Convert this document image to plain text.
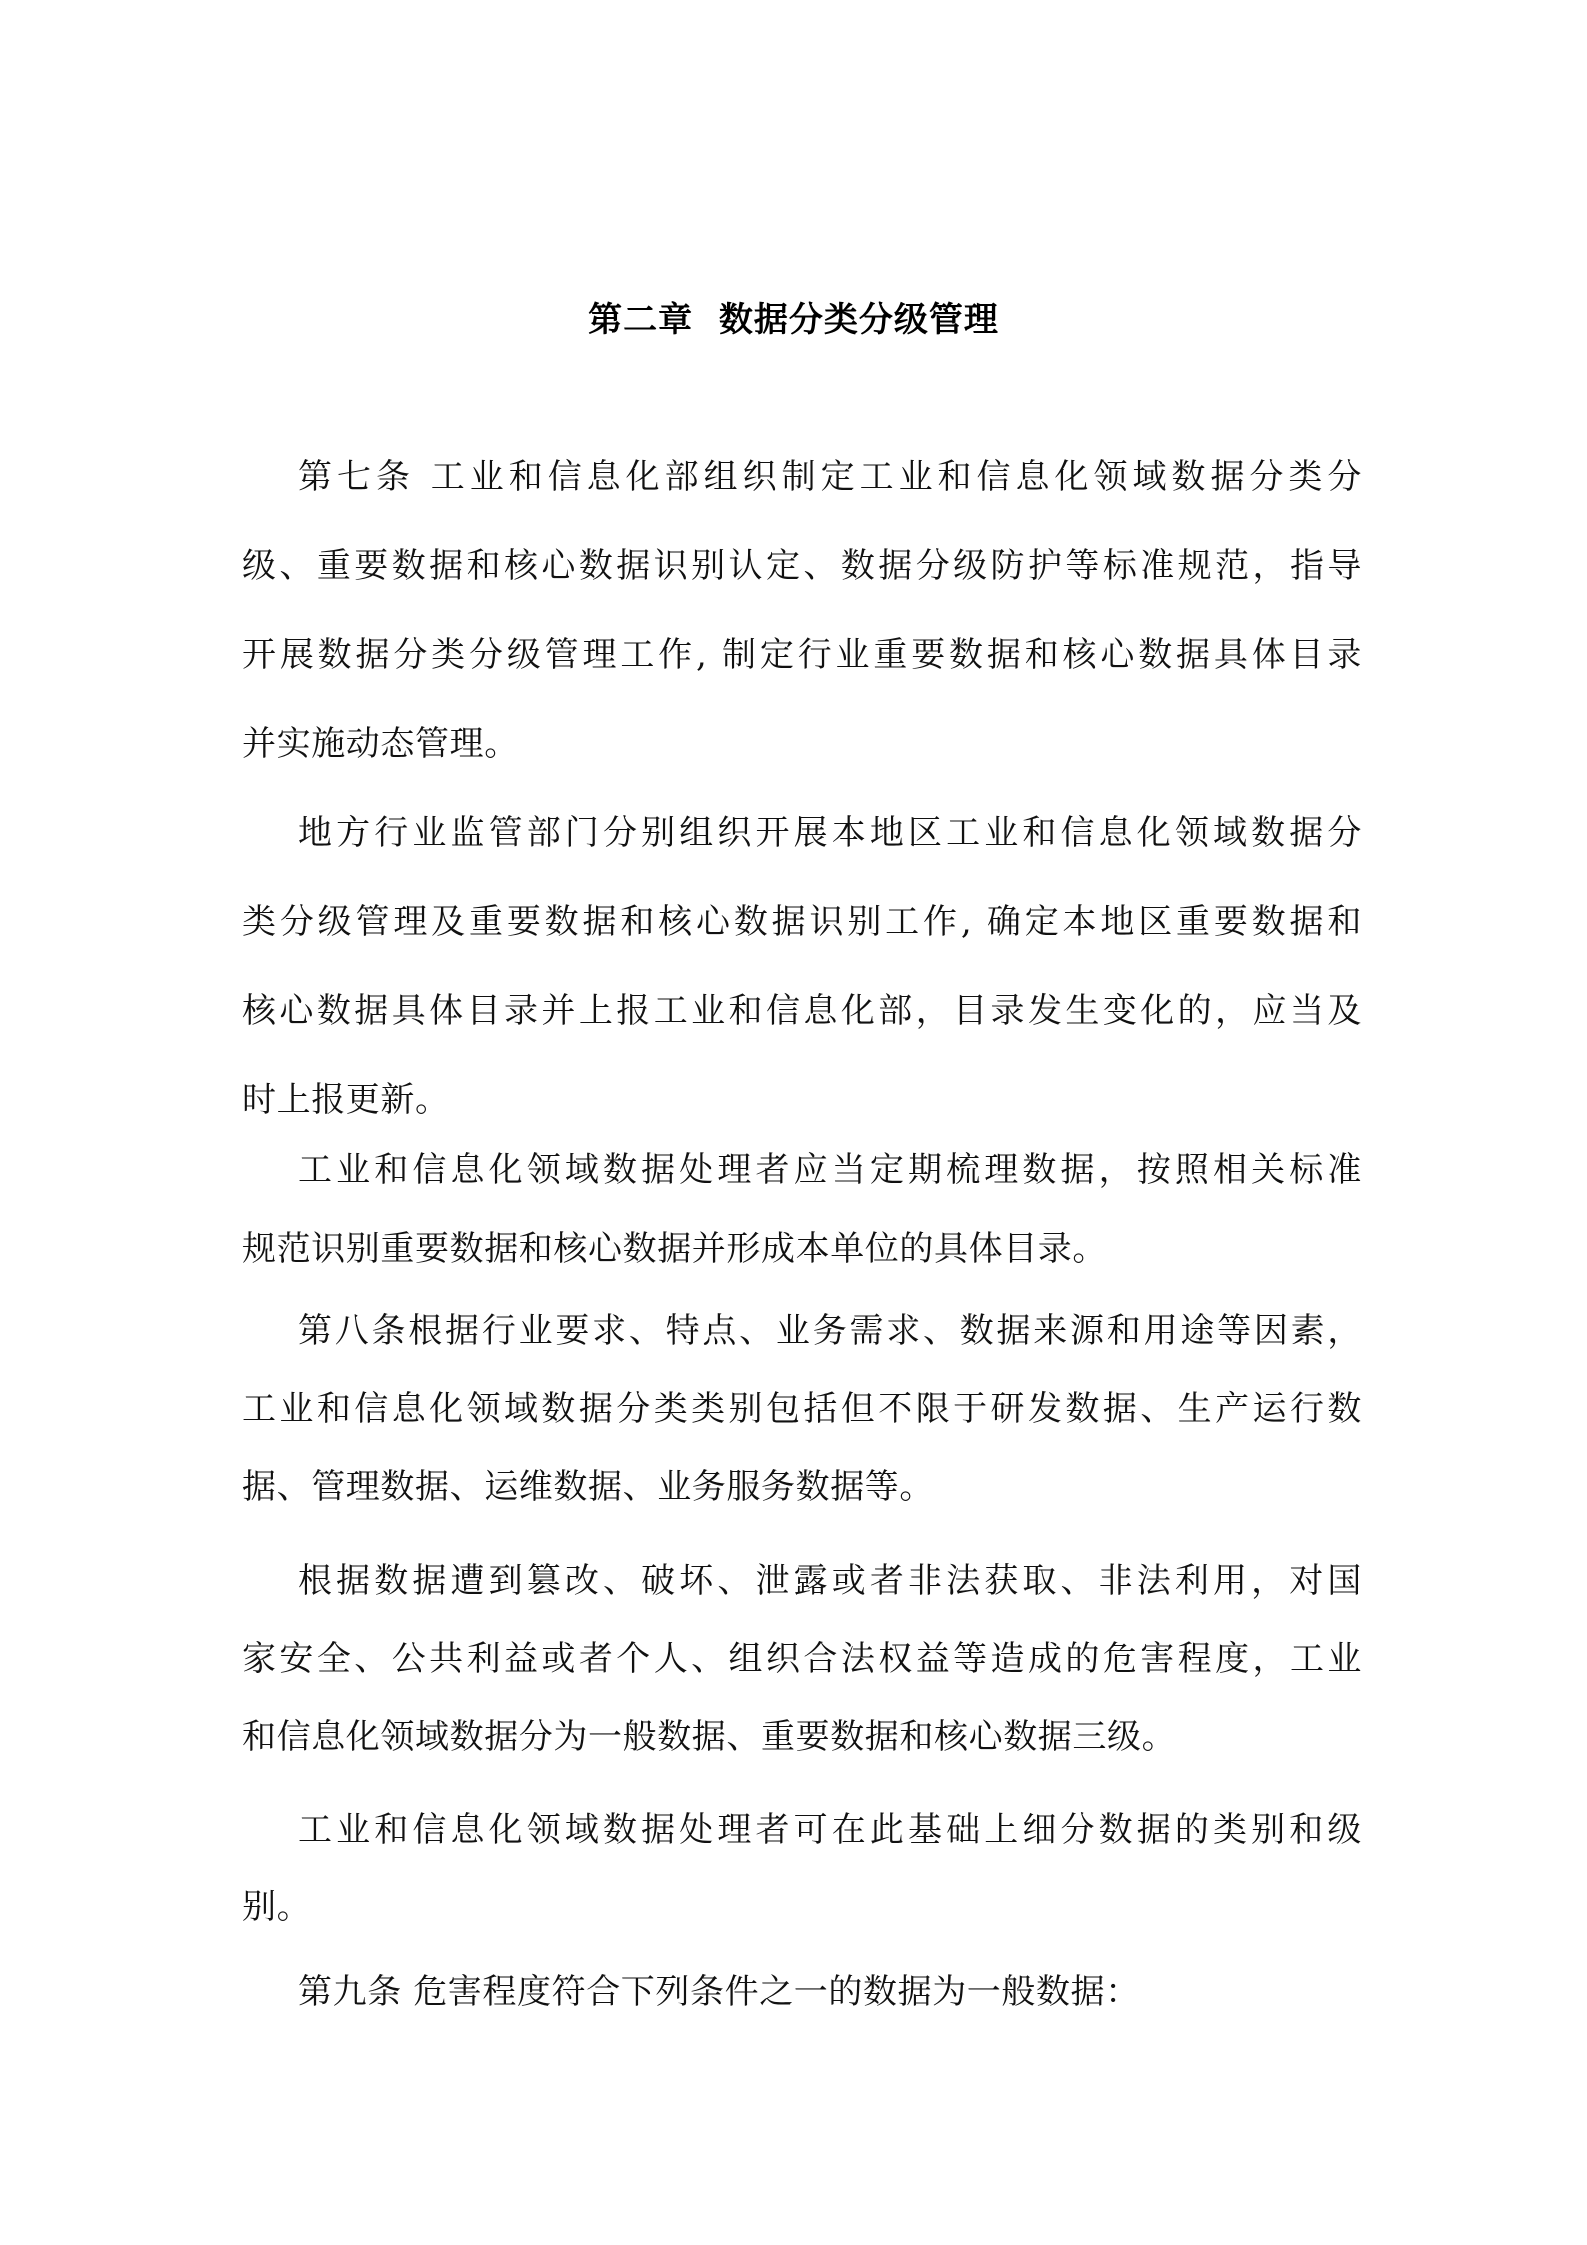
第二章  数据分类分级管理
第七条 工业和信息化部组织制定工业和信息化领域数据分类分
级、重要数据和核心数据识别认定、数据分级防护等标准规范，指导
开展数据分类分级管理工作, 制定行业重要数据和核心数据具体目录
并实施动态管理。
地方行业监管部门分别组织开展本地区工业和信息化领域数据分
类分级管理及重要数据和核心数据识别工作, 确定本地区重要数据和
核心数据具体目录并上报工业和信息化部，目录发生变化的，应当及
时上报更新。
工业和信息化领域数据处理者应当定期梳理数据，按照相关标准
规范识别重要数据和核心数据并形成本单位的具体目录。
第八条根据行业要求、特点、业务需求、数据来源和用途等因素，
工业和信息化领域数据分类类别包括但不限于研发数据、生产运行数
据、管理数据、运维数据、业务服务数据等。
根据数据遭到篡改、破坏、泄露或者非法获取、非法利用，对国
家安全、公共利益或者个人、组织合法权益等造成的危害程度，工业
和信息化领域数据分为一般数据、重要数据和核心数据三级。
工业和信息化领域数据处理者可在此基础上细分数据的类别和级
别。
第九条 危害程度符合下列条件之一的数据为一般数据：
